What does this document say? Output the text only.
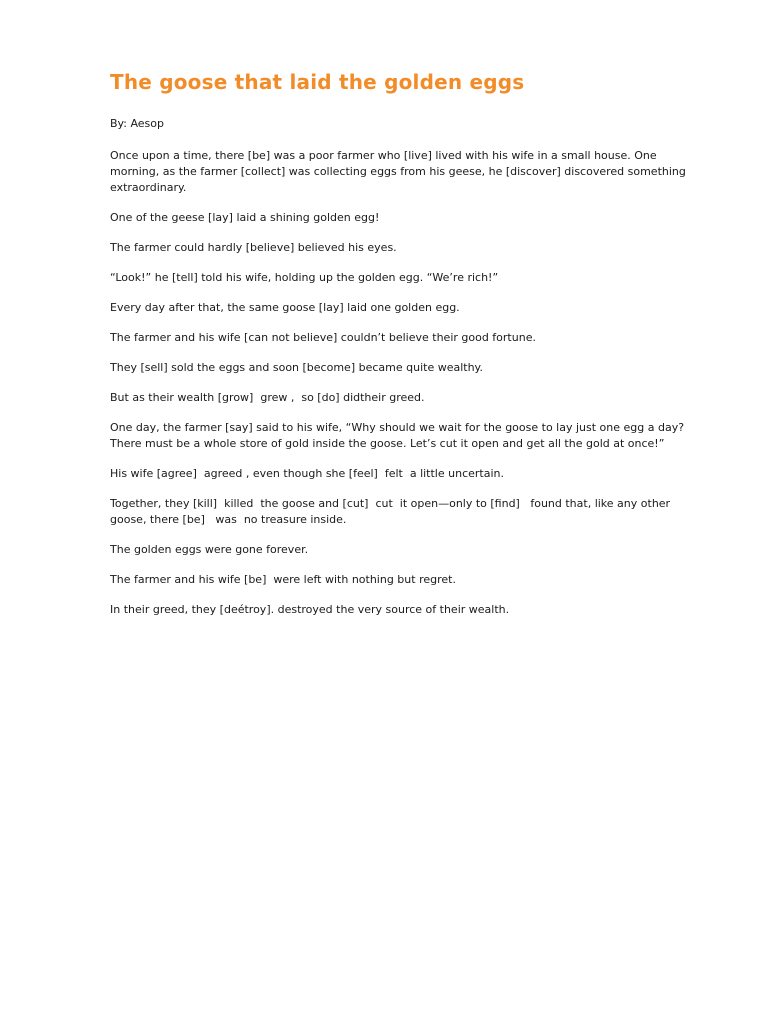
The goose that laid the golden eggs

By: Aesop

Once upon a time, there [be] was a poor farmer who [live] lived with his wife in a small house. One morning, as the farmer [collect] was collecting eggs from his geese, he [discover] discovered something extraordinary.

One of the geese [lay] laid a shining golden egg!

The farmer could hardly [believe] believed his eyes.

“Look!” he [tell] told his wife, holding up the golden egg. “We’re rich!”

Every day after that, the same goose [lay] laid one golden egg.

The farmer and his wife [can not believe] couldn’t believe their good fortune.

They [sell] sold the eggs and soon [become] became quite wealthy.

But as their wealth [grow]  grew ,  so [do] didtheir greed.

One day, the farmer [say] said to his wife, “Why should we wait for the goose to lay just one egg a day? There must be a whole store of gold inside the goose. Let’s cut it open and get all the gold at once!”

His wife [agree]  agreed , even though she [feel]  felt  a little uncertain.

Together, they [kill]  killed  the goose and [cut]  cut  it open—only to [find]   found that, like any other goose, there [be]   was  no treasure inside.

The golden eggs were gone forever.

The farmer and his wife [be]  were left with nothing but regret.

In their greed, they [deétroy]. destroyed the very source of their wealth.
